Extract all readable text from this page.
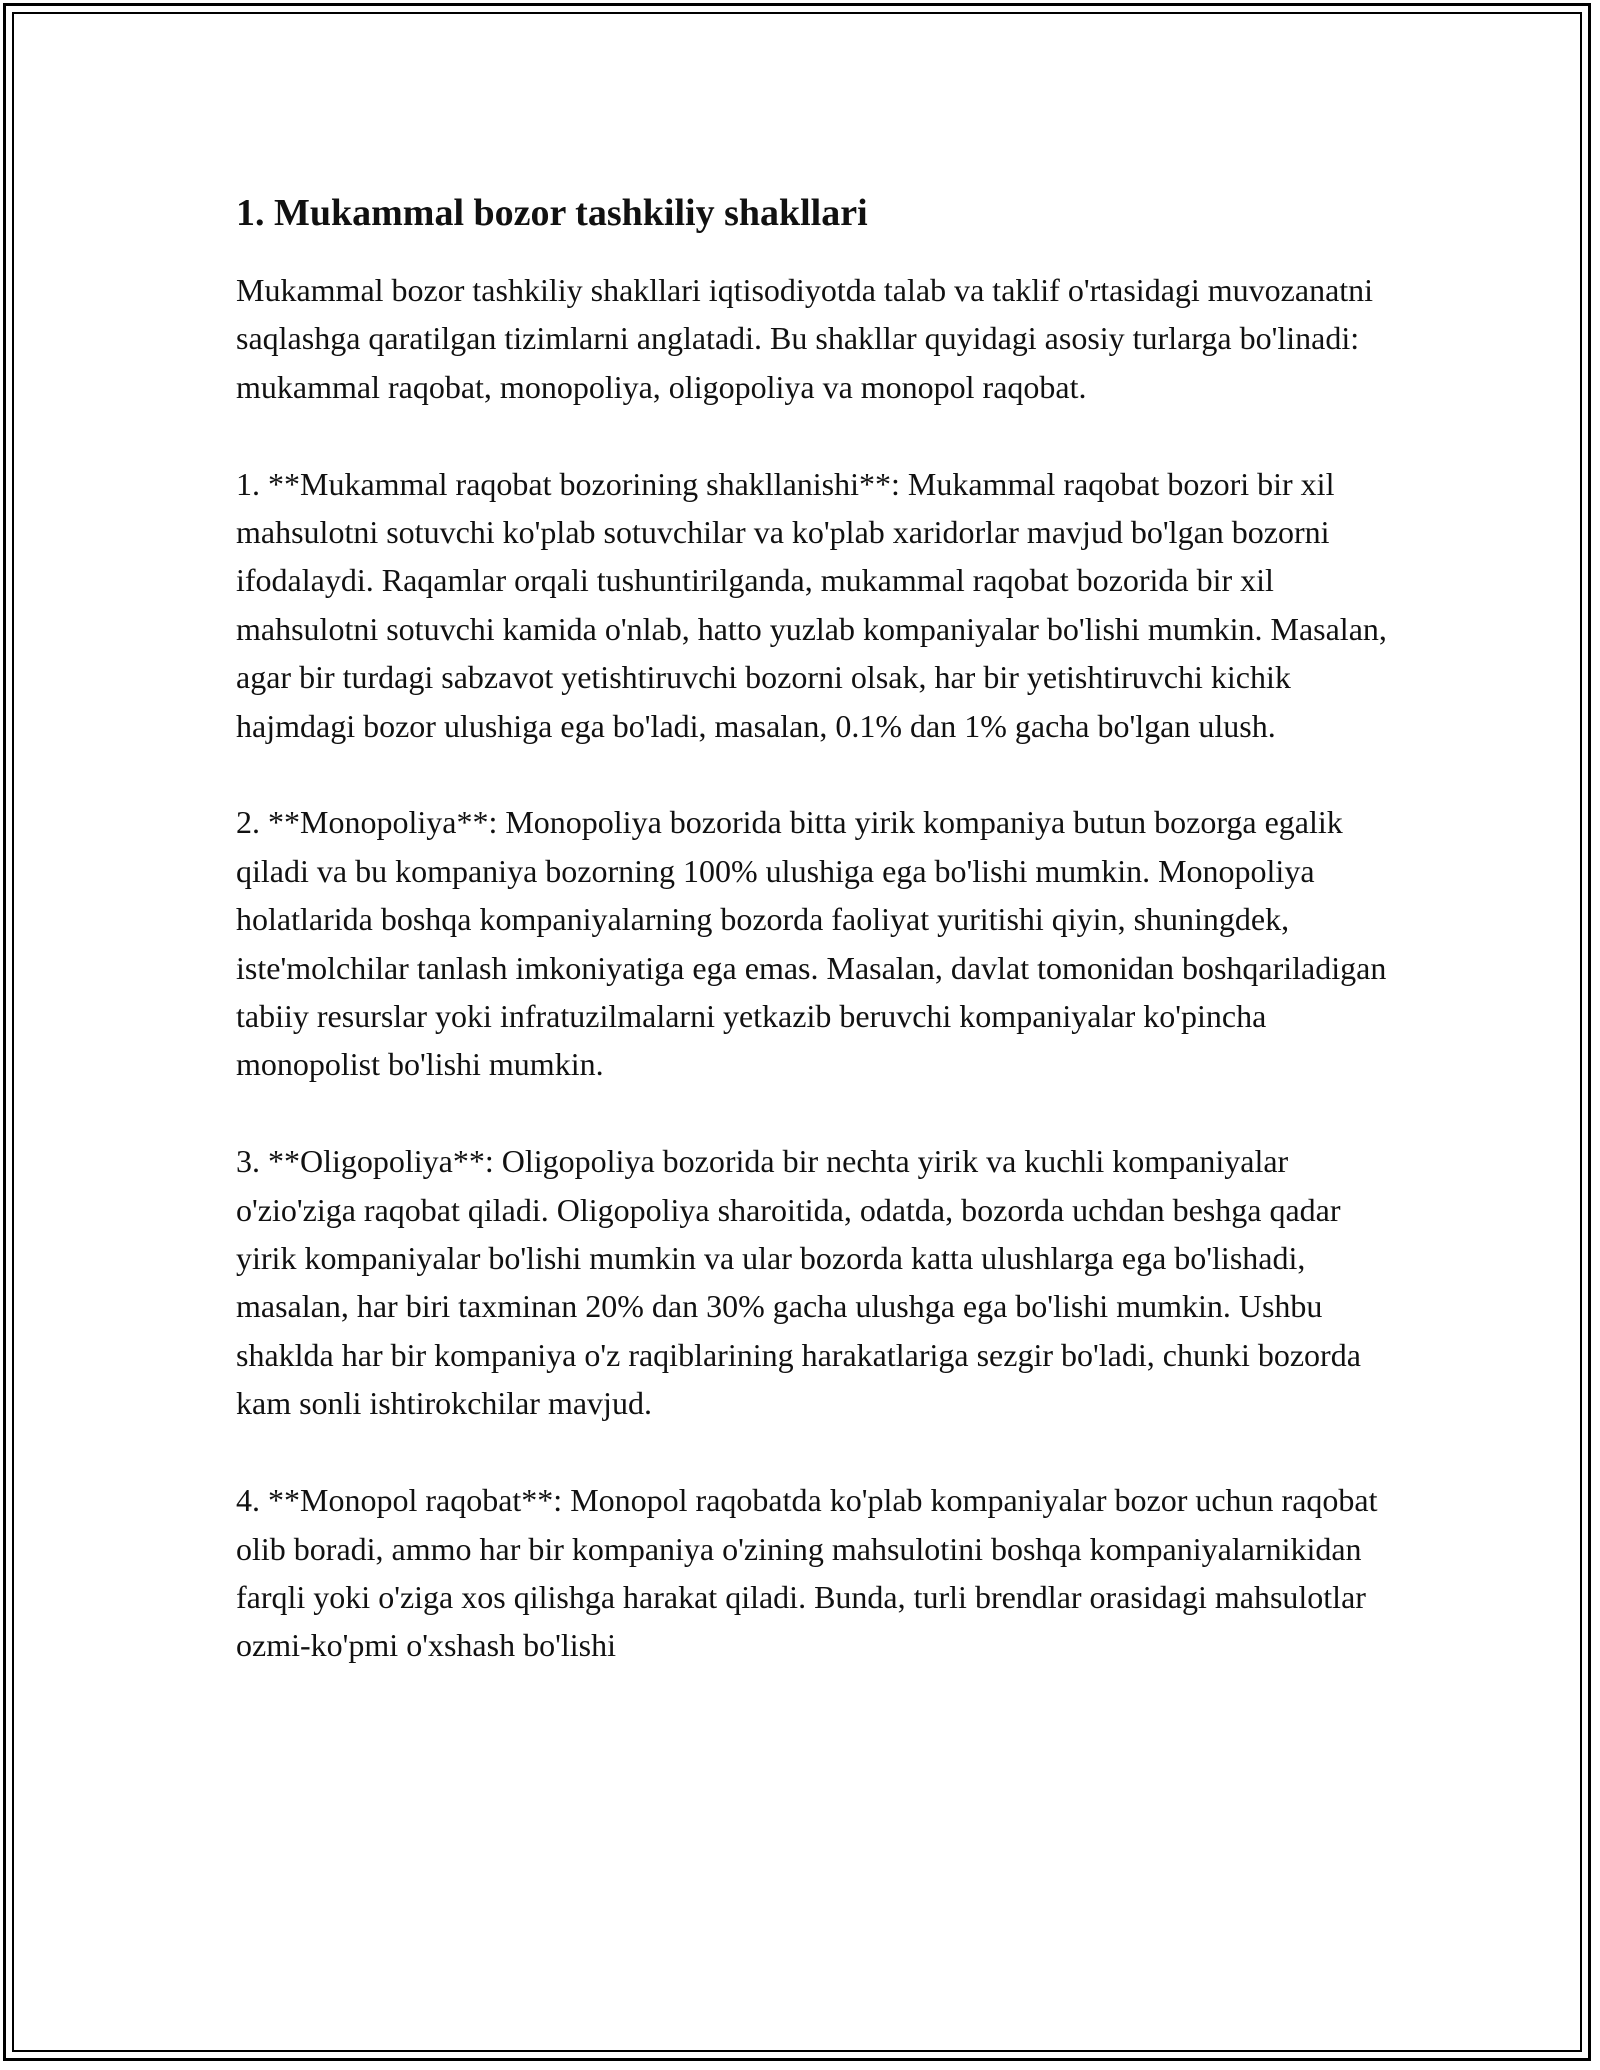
1. Mukammal bozor tashkiliy shakllari

Mukammal bozor tashkiliy shakllari iqtisodiyotda talab va taklif o'rtasidagi muvozanatni saqlashga qaratilgan tizimlarni anglatadi. Bu shakllar quyidagi asosiy turlarga bo'linadi: mukammal raqobat, monopoliya, oligopoliya va monopol raqobat.

1. **Mukammal raqobat bozorining shakllanishi**: Mukammal raqobat bozori bir xil mahsulotni sotuvchi ko'plab sotuvchilar va ko'plab xaridorlar mavjud bo'lgan bozorni ifodalaydi. Raqamlar orqali tushuntirilganda, mukammal raqobat bozorida bir xil mahsulotni sotuvchi kamida o'nlab, hatto yuzlab kompaniyalar bo'lishi mumkin. Masalan, agar bir turdagi sabzavot yetishtiruvchi bozorni olsak, har bir yetishtiruvchi kichik hajmdagi bozor ulushiga ega bo'ladi, masalan, 0.1% dan 1% gacha bo'lgan ulush.

2. **Monopoliya**: Monopoliya bozorida bitta yirik kompaniya butun bozorga egalik qiladi va bu kompaniya bozorning 100% ulushiga ega bo'lishi mumkin. Monopoliya holatlarida boshqa kompaniyalarning bozorda faoliyat yuritishi qiyin, shuningdek, iste'molchilar tanlash imkoniyatiga ega emas. Masalan, davlat tomonidan boshqariladigan tabiiy resurslar yoki infratuzilmalarni yetkazib beruvchi kompaniyalar ko'pincha monopolist bo'lishi mumkin.

3. **Oligopoliya**: Oligopoliya bozorida bir nechta yirik va kuchli kompaniyalar o'zio'ziga raqobat qiladi. Oligopoliya sharoitida, odatda, bozorda uchdan beshga qadar yirik kompaniyalar bo'lishi mumkin va ular bozorda katta ulushlarga ega bo'lishadi, masalan, har biri taxminan 20% dan 30% gacha ulushga ega bo'lishi mumkin. Ushbu shaklda har bir kompaniya o'z raqiblarining harakatlariga sezgir bo'ladi, chunki bozorda kam sonli ishtirokchilar mavjud.

4. **Monopol raqobat**: Monopol raqobatda ko'plab kompaniyalar bozor uchun raqobat olib boradi, ammo har bir kompaniya o'zining mahsulotini boshqa kompaniyalarnikidan farqli yoki o'ziga xos qilishga harakat qiladi. Bunda, turli brendlar orasidagi mahsulotlar ozmi-ko'pmi o'xshash bo'lishi
